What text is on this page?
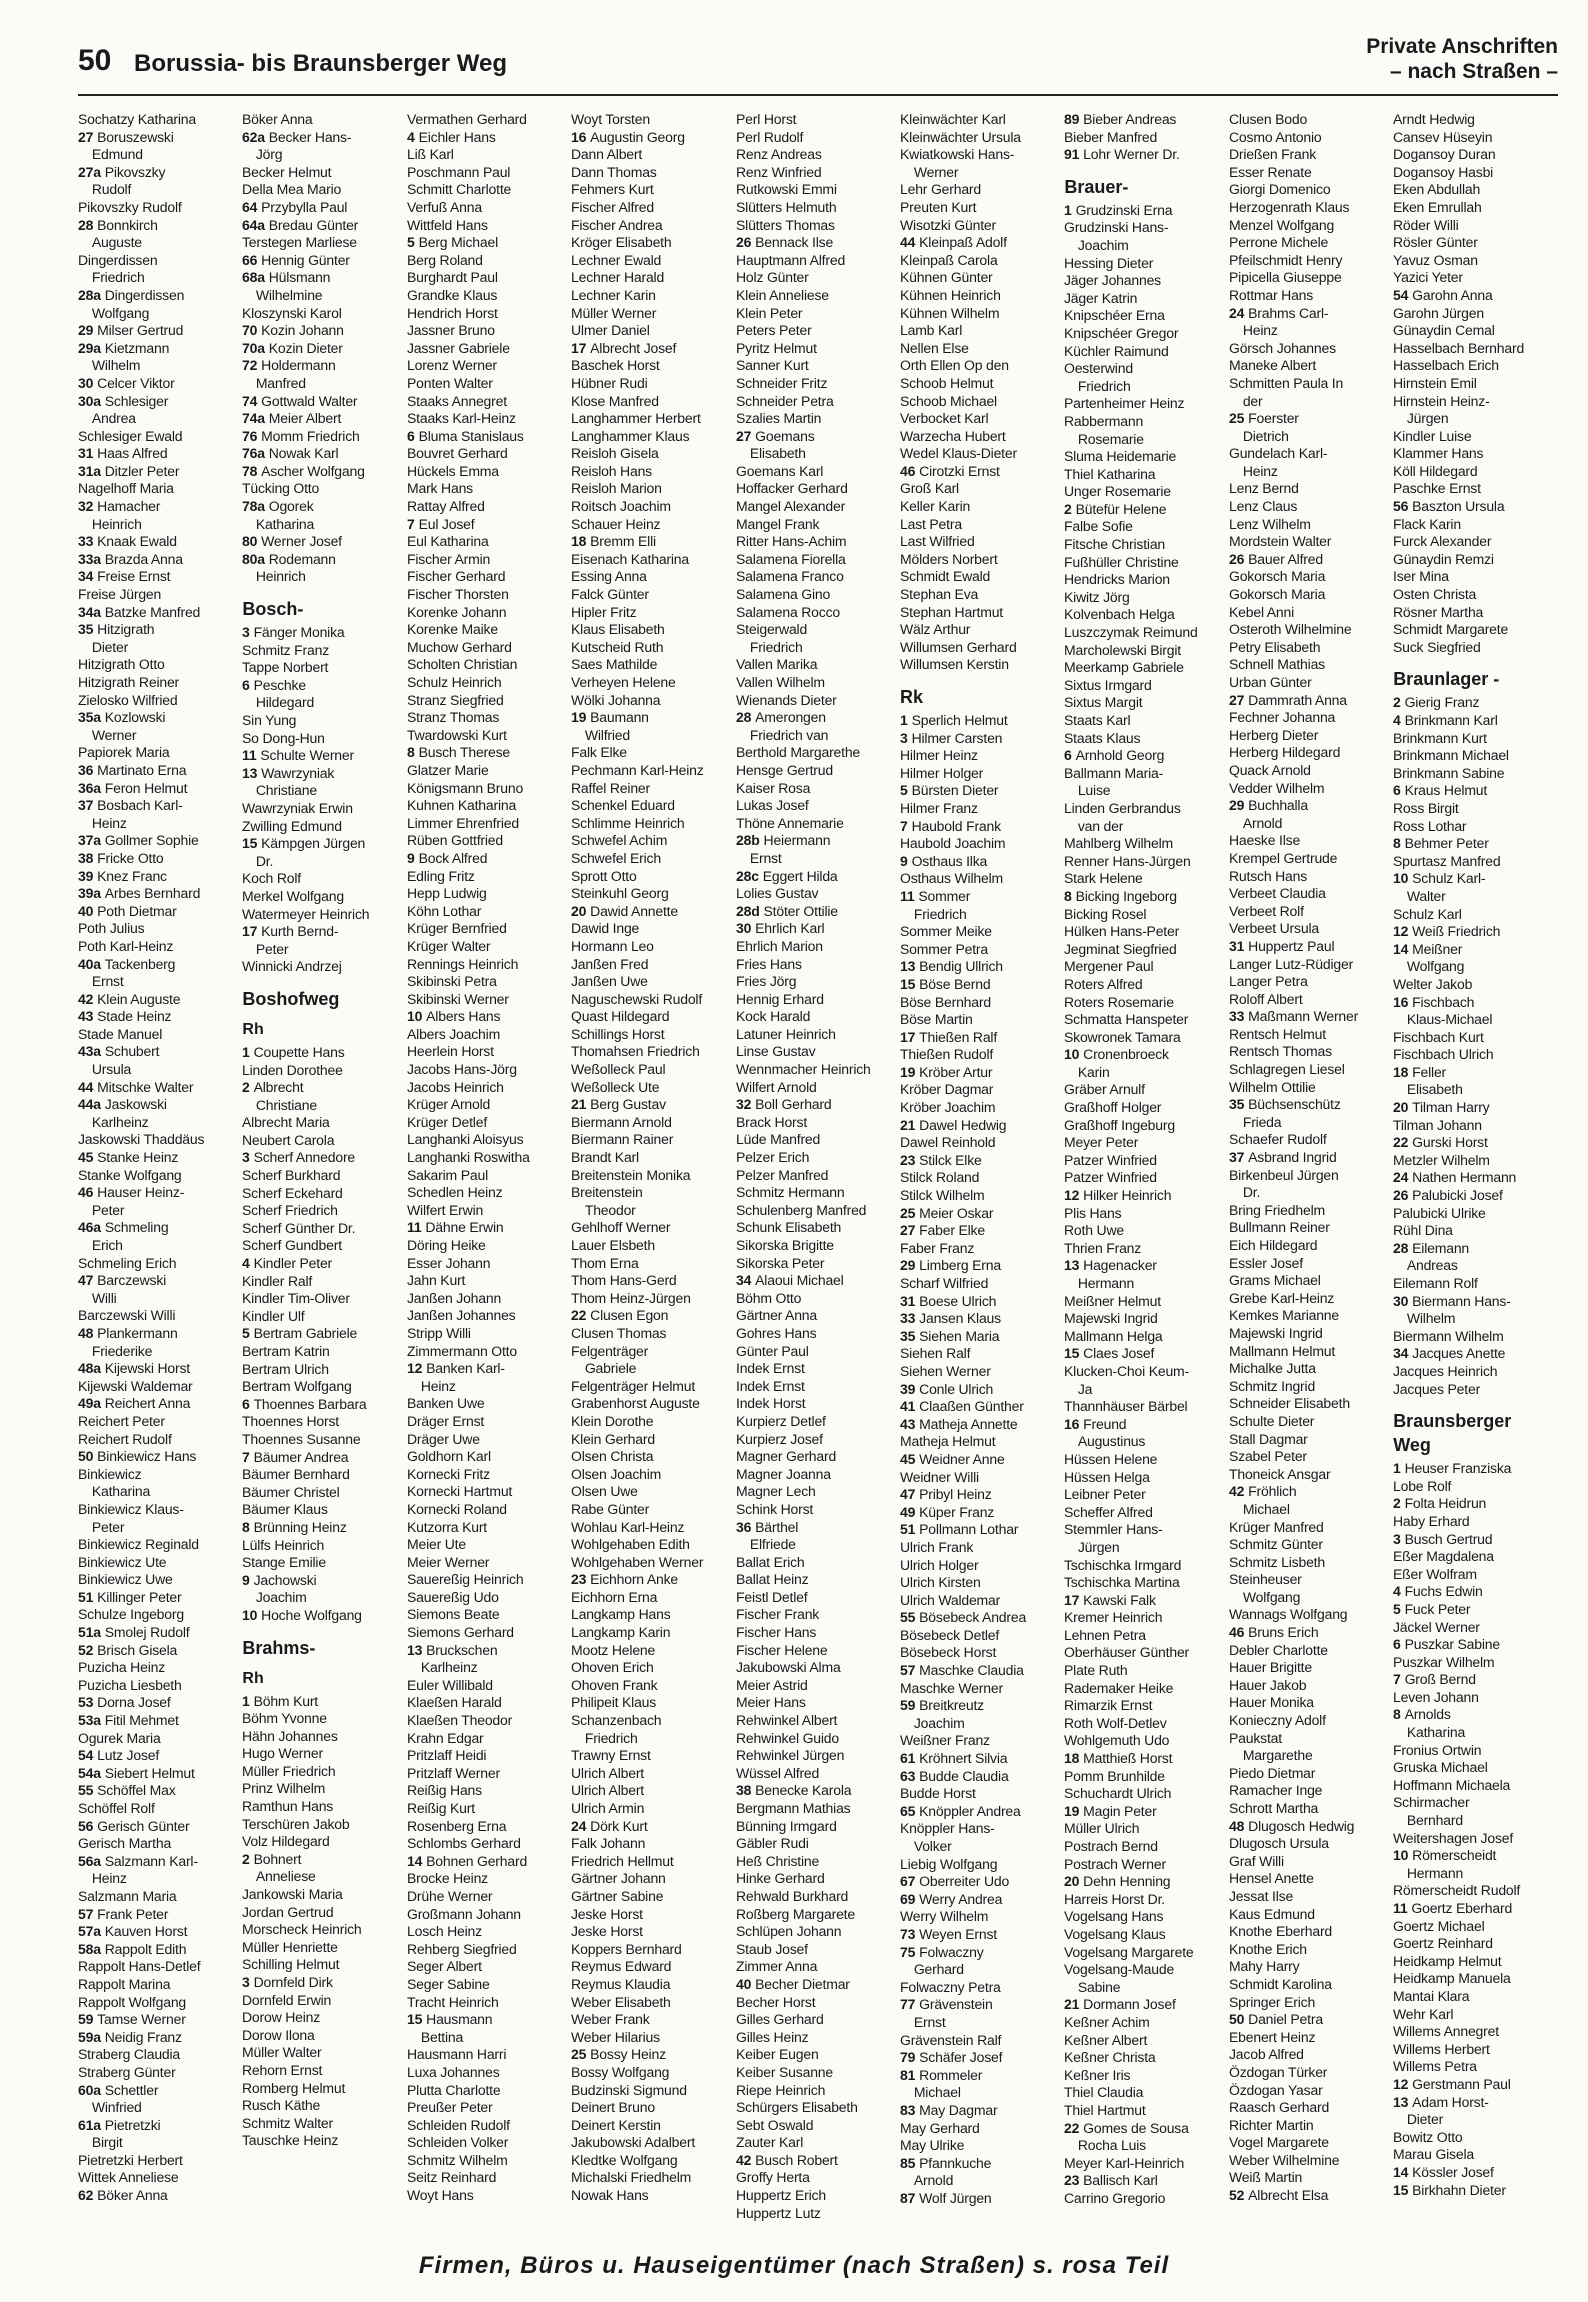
50 Borussia- bis Braunsberger Weg
Private Anschriften
– nach Straßen –
Sochatzy Katharina
27 Boruszewski
Edmund
27a Pikovszky
Rudolf
Pikovszky Rudolf
28 Bonnkirch
Auguste
Dingerdissen
Friedrich
28a Dingerdissen
Wolfgang
29 Milser Gertrud
29a Kietzmann
Wilhelm
30 Celcer Viktor
30a Schlesiger
Andrea
Schlesiger Ewald
31 Haas Alfred
31a Ditzler Peter
Nagelhoff Maria
32 Hamacher
Heinrich
33 Knaak Ewald
33a Brazda Anna
34 Freise Ernst
Freise Jürgen
34a Batzke Manfred
35 Hitzigrath
Dieter
Hitzigrath Otto
Hitzigrath Reiner
Zielosko Wilfried
35a Kozlowski
Werner
Papiorek Maria
36 Martinato Erna
36a Feron Helmut
37 Bosbach Karl-
Heinz
37a Gollmer Sophie
38 Fricke Otto
39 Knez Franc
39a Arbes Bernhard
40 Poth Dietmar
Poth Julius
Poth Karl-Heinz
40a Tackenberg
Ernst
42 Klein Auguste
43 Stade Heinz
Stade Manuel
43a Schubert
Ursula
44 Mitschke Walter
44a Jaskowski
Karlheinz
Jaskowski Thaddäus
45 Stanke Heinz
Stanke Wolfgang
46 Hauser Heinz-
Peter
46a Schmeling
Erich
Schmeling Erich
47 Barczewski
Willi
Barczewski Willi
48 Plankermann
Friederike
48a Kijewski Horst
Kijewski Waldemar
49a Reichert Anna
Reichert Peter
Reichert Rudolf
50 Binkiewicz Hans
Binkiewicz
Katharina
Binkiewicz Klaus-
Peter
Binkiewicz Reginald
Binkiewicz Ute
Binkiewicz Uwe
51 Killinger Peter
Schulze Ingeborg
51a Smolej Rudolf
52 Brisch Gisela
Puzicha Heinz
Puzicha Liesbeth
53 Dorna Josef
53a Fitil Mehmet
Ogurek Maria
54 Lutz Josef
54a Siebert Helmut
55 Schöffel Max
Schöffel Rolf
56 Gerisch Günter
Gerisch Martha
56a Salzmann Karl-
Heinz
Salzmann Maria
57 Frank Peter
57a Kauven Horst
58a Rappolt Edith
Rappolt Hans-Detlef
Rappolt Marina
Rappolt Wolfgang
59 Tamse Werner
59a Neidig Franz
Straberg Claudia
Straberg Günter
60a Schettler
Winfried
61a Pietretzki
Birgit
Pietretzki Herbert
Wittek Anneliese
62 Böker Anna
Böker Anna
62a Becker Hans-
Jörg
Becker Helmut
Della Mea Mario
64 Przybylla Paul
64a Bredau Günter
Terstegen Marliese
66 Hennig Günter
68a Hülsmann
Wilhelmine
Kloszynski Karol
70 Kozin Johann
70a Kozin Dieter
72 Holdermann
Manfred
74 Gottwald Walter
74a Meier Albert
76 Momm Friedrich
76a Nowak Karl
78 Ascher Wolfgang
Tücking Otto
78a Ogorek
Katharina
80 Werner Josef
80a Rodemann
Heinrich
Bosch-
3 Fänger Monika
Schmitz Franz
Tappe Norbert
6 Peschke
Hildegard
Sin Yung
So Dong-Hun
11 Schulte Werner
13 Wawrzyniak
Christiane
Wawrzyniak Erwin
Zwilling Edmund
15 Kämpgen Jürgen
Dr.
Koch Rolf
Merkel Wolfgang
Watermeyer Heinrich
17 Kurth Bernd-
Peter
Winnicki Andrzej
Boshofweg
Rh
1 Coupette Hans
Linden Dorothee
2 Albrecht
Christiane
Albrecht Maria
Neubert Carola
3 Scherf Annedore
Scherf Burkhard
Scherf Eckehard
Scherf Friedrich
Scherf Günther Dr.
Scherf Gundbert
4 Kindler Peter
Kindler Ralf
Kindler Tim-Oliver
Kindler Ulf
5 Bertram Gabriele
Bertram Katrin
Bertram Ulrich
Bertram Wolfgang
6 Thoennes Barbara
Thoennes Horst
Thoennes Susanne
7 Bäumer Andrea
Bäumer Bernhard
Bäumer Christel
Bäumer Klaus
8 Brünning Heinz
Lülfs Heinrich
Stange Emilie
9 Jachowski
Joachim
10 Hoche Wolfgang
Brahms-
Rh
1 Böhm Kurt
Böhm Yvonne
Hähn Johannes
Hugo Werner
Müller Friedrich
Prinz Wilhelm
Ramthun Hans
Terschüren Jakob
Volz Hildegard
2 Bohnert
Anneliese
Jankowski Maria
Jordan Gertrud
Morscheck Heinrich
Müller Henriette
Schilling Helmut
3 Dornfeld Dirk
Dornfeld Erwin
Dorow Heinz
Dorow Ilona
Müller Walter
Rehorn Ernst
Romberg Helmut
Rusch Käthe
Schmitz Walter
Tauschke Heinz
Vermathen Gerhard
4 Eichler Hans
Liß Karl
Poschmann Paul
Schmitt Charlotte
Verfuß Anna
Wittfeld Hans
5 Berg Michael
Berg Roland
Burghardt Paul
Grandke Klaus
Hendrich Horst
Jassner Bruno
Jassner Gabriele
Lorenz Werner
Ponten Walter
Staaks Annegret
Staaks Karl-Heinz
6 Bluma Stanislaus
Bouvret Gerhard
Hückels Emma
Mark Hans
Rattay Alfred
7 Eul Josef
Eul Katharina
Fischer Armin
Fischer Gerhard
Fischer Thorsten
Korenke Johann
Korenke Maike
Muchow Gerhard
Scholten Christian
Schulz Heinrich
Stranz Siegfried
Stranz Thomas
Twardowski Kurt
8 Busch Therese
Glatzer Marie
Königsmann Bruno
Kuhnen Katharina
Limmer Ehrenfried
Rüben Gottfried
9 Bock Alfred
Edling Fritz
Hepp Ludwig
Köhn Lothar
Krüger Bernfried
Krüger Walter
Rennings Heinrich
Skibinski Petra
Skibinski Werner
10 Albers Hans
Albers Joachim
Heerlein Horst
Jacobs Hans-Jörg
Jacobs Heinrich
Krüger Arnold
Krüger Detlef
Langhanki Aloisyus
Langhanki Roswitha
Sakarim Paul
Schedlen Heinz
Wilfert Erwin
11 Dähne Erwin
Döring Heike
Esser Johann
Jahn Kurt
Janßen Johann
Janßen Johannes
Stripp Willi
Zimmermann Otto
12 Banken Karl-
Heinz
Banken Uwe
Dräger Ernst
Dräger Uwe
Goldhorn Karl
Kornecki Fritz
Kornecki Hartmut
Kornecki Roland
Kutzorra Kurt
Meier Ute
Meier Werner
Sauereßig Heinrich
Sauereßig Udo
Siemons Beate
Siemons Gerhard
13 Bruckschen
Karlheinz
Euler Willibald
Klaeßen Harald
Klaeßen Theodor
Krahn Edgar
Pritzlaff Heidi
Pritzlaff Werner
Reißig Hans
Reißig Kurt
Rosenberg Erna
Schlombs Gerhard
14 Bohnen Gerhard
Brocke Heinz
Drühe Werner
Großmann Johann
Losch Heinz
Rehberg Siegfried
Seger Albert
Seger Sabine
Tracht Heinrich
15 Hausmann
Bettina
Hausmann Harri
Luxa Johannes
Plutta Charlotte
Preußer Peter
Schleiden Rudolf
Schleiden Volker
Schmitz Wilhelm
Seitz Reinhard
Woyt Hans
Woyt Torsten
16 Augustin Georg
Dann Albert
Dann Thomas
Fehmers Kurt
Fischer Alfred
Fischer Andrea
Kröger Elisabeth
Lechner Ewald
Lechner Harald
Lechner Karin
Müller Werner
Ulmer Daniel
17 Albrecht Josef
Baschek Horst
Hübner Rudi
Klose Manfred
Langhammer Herbert
Langhammer Klaus
Reisloh Gisela
Reisloh Hans
Reisloh Marion
Roitsch Joachim
Schauer Heinz
18 Bremm Elli
Eisenach Katharina
Essing Anna
Falck Günter
Hipler Fritz
Klaus Elisabeth
Kutscheid Ruth
Saes Mathilde
Verheyen Helene
Wölki Johanna
19 Baumann
Wilfried
Falk Elke
Pechmann Karl-Heinz
Raffel Reiner
Schenkel Eduard
Schlimme Heinrich
Schwefel Achim
Schwefel Erich
Sprott Otto
Steinkuhl Georg
20 Dawid Annette
Dawid Inge
Hormann Leo
Janßen Fred
Janßen Uwe
Naguschewski Rudolf
Quast Hildegard
Schillings Horst
Thomahsen Friedrich
Weßolleck Paul
Weßolleck Ute
21 Berg Gustav
Biermann Arnold
Biermann Rainer
Brandt Karl
Breitenstein Monika
Breitenstein
Theodor
Gehlhoff Werner
Lauer Elsbeth
Thom Erna
Thom Hans-Gerd
Thom Heinz-Jürgen
22 Clusen Egon
Clusen Thomas
Felgenträger
Gabriele
Felgenträger Helmut
Grabenhorst Auguste
Klein Dorothe
Klein Gerhard
Olsen Christa
Olsen Joachim
Olsen Uwe
Rabe Günter
Wohlau Karl-Heinz
Wohlgehaben Edith
Wohlgehaben Werner
23 Eichhorn Anke
Eichhorn Erna
Langkamp Hans
Langkamp Karin
Mootz Helene
Ohoven Erich
Ohoven Frank
Philipeit Klaus
Schanzenbach
Friedrich
Trawny Ernst
Ulrich Albert
Ulrich Albert
Ulrich Armin
24 Dörk Kurt
Falk Johann
Friedrich Hellmut
Gärtner Johann
Gärtner Sabine
Jeske Horst
Jeske Horst
Koppers Bernhard
Reymus Edward
Reymus Klaudia
Weber Elisabeth
Weber Frank
Weber Hilarius
25 Bossy Heinz
Bossy Wolfgang
Budzinski Sigmund
Deinert Bruno
Deinert Kerstin
Jakubowski Adalbert
Kledtke Wolfgang
Michalski Friedhelm
Nowak Hans
Perl Horst
Perl Rudolf
Renz Andreas
Renz Winfried
Rutkowski Emmi
Slütters Helmuth
Slütters Thomas
26 Bennack Ilse
Hauptmann Alfred
Holz Günter
Klein Anneliese
Klein Peter
Peters Peter
Pyritz Helmut
Sanner Kurt
Schneider Fritz
Schneider Petra
Szalies Martin
27 Goemans
Elisabeth
Goemans Karl
Hoffacker Gerhard
Mangel Alexander
Mangel Frank
Ritter Hans-Achim
Salamena Fiorella
Salamena Franco
Salamena Gino
Salamena Rocco
Steigerwald
Friedrich
Vallen Marika
Vallen Wilhelm
Wienands Dieter
28 Amerongen
Friedrich van
Berthold Margarethe
Hensge Gertrud
Kaiser Rosa
Lukas Josef
Thöne Annemarie
28b Heiermann
Ernst
28c Eggert Hilda
Lolies Gustav
28d Stöter Ottilie
30 Ehrlich Karl
Ehrlich Marion
Fries Hans
Fries Jörg
Hennig Erhard
Kock Harald
Latuner Heinrich
Linse Gustav
Wennmacher Heinrich
Wilfert Arnold
32 Boll Gerhard
Brack Horst
Lüde Manfred
Pelzer Erich
Pelzer Manfred
Schmitz Hermann
Schulenberg Manfred
Schunk Elisabeth
Sikorska Brigitte
Sikorska Peter
34 Alaoui Michael
Böhm Otto
Gärtner Anna
Gohres Hans
Günter Paul
Indek Ernst
Indek Ernst
Indek Horst
Kurpierz Detlef
Kurpierz Josef
Magner Gerhard
Magner Joanna
Magner Lech
Schink Horst
36 Bärthel
Elfriede
Ballat Erich
Ballat Heinz
Feistl Detlef
Fischer Frank
Fischer Hans
Fischer Helene
Jakubowski Alma
Meier Astrid
Meier Hans
Rehwinkel Albert
Rehwinkel Guido
Rehwinkel Jürgen
Wüssel Alfred
38 Benecke Karola
Bergmann Mathias
Bünning Irmgard
Gäbler Rudi
Heß Christine
Hinke Gerhard
Rehwald Burkhard
Roßberg Margarete
Schlüpen Johann
Staub Josef
Zimmer Anna
40 Becher Dietmar
Becher Horst
Gilles Gerhard
Gilles Heinz
Keiber Eugen
Keiber Susanne
Riepe Heinrich
Schürgers Elisabeth
Sebt Oswald
Zauter Karl
42 Busch Robert
Groffy Herta
Huppertz Erich
Huppertz Lutz
Kleinwächter Karl
Kleinwächter Ursula
Kwiatkowski Hans-
Werner
Lehr Gerhard
Preuten Kurt
Wisotzki Günter
44 Kleinpaß Adolf
Kleinpaß Carola
Kühnen Günter
Kühnen Heinrich
Kühnen Wilhelm
Lamb Karl
Nellen Else
Orth Ellen Op den
Schoob Helmut
Schoob Michael
Verbocket Karl
Warzecha Hubert
Wedel Klaus-Dieter
46 Cirotzki Ernst
Groß Karl
Keller Karin
Last Petra
Last Wilfried
Mölders Norbert
Schmidt Ewald
Stephan Eva
Stephan Hartmut
Wälz Arthur
Willumsen Gerhard
Willumsen Kerstin
Rk
1 Sperlich Helmut
3 Hilmer Carsten
Hilmer Heinz
Hilmer Holger
5 Bürsten Dieter
Hilmer Franz
7 Haubold Frank
Haubold Joachim
9 Osthaus Ilka
Osthaus Wilhelm
11 Sommer
Friedrich
Sommer Meike
Sommer Petra
13 Bendig Ullrich
15 Böse Bernd
Böse Bernhard
Böse Martin
17 Thießen Ralf
Thießen Rudolf
19 Kröber Artur
Kröber Dagmar
Kröber Joachim
21 Dawel Hedwig
Dawel Reinhold
23 Stilck Elke
Stilck Roland
Stilck Wilhelm
25 Meier Oskar
27 Faber Elke
Faber Franz
29 Limberg Erna
Scharf Wilfried
31 Boese Ulrich
33 Jansen Klaus
35 Siehen Maria
Siehen Ralf
Siehen Werner
39 Conle Ulrich
41 Claaßen Günther
43 Matheja Annette
Matheja Helmut
45 Weidner Anne
Weidner Willi
47 Pribyl Heinz
49 Küper Franz
51 Pollmann Lothar
Ulrich Frank
Ulrich Holger
Ulrich Kirsten
Ulrich Waldemar
55 Bösebeck Andrea
Bösebeck Detlef
Bösebeck Horst
57 Maschke Claudia
Maschke Werner
59 Breitkreutz
Joachim
Weißner Franz
61 Kröhnert Silvia
63 Budde Claudia
Budde Horst
65 Knöppler Andrea
Knöppler Hans-
Volker
Liebig Wolfgang
67 Oberreiter Udo
69 Werry Andrea
Werry Wilhelm
73 Weyen Ernst
75 Folwaczny
Gerhard
Folwaczny Petra
77 Grävenstein
Ernst
Grävenstein Ralf
79 Schäfer Josef
81 Rommeler
Michael
83 May Dagmar
May Gerhard
May Ulrike
85 Pfannkuche
Arnold
87 Wolf Jürgen
89 Bieber Andreas
Bieber Manfred
91 Lohr Werner Dr.
Brauer-
1 Grudzinski Erna
Grudzinski Hans-
Joachim
Hessing Dieter
Jäger Johannes
Jäger Katrin
Knipschéer Erna
Knipschéer Gregor
Küchler Raimund
Oesterwind
Friedrich
Partenheimer Heinz
Rabbermann
Rosemarie
Sluma Heidemarie
Thiel Katharina
Unger Rosemarie
2 Bütefür Helene
Falbe Sofie
Fitschе Christian
Fußhüller Christine
Hendricks Marion
Kiwitz Jörg
Kolvenbach Helga
Luszczymak Reimund
Marcholewski Birgit
Meerkamp Gabriele
Sixtus Irmgard
Sixtus Margit
Staats Karl
Staats Klaus
6 Arnhold Georg
Ballmann Maria-
Luise
Linden Gerbrandus
van der
Mahlberg Wilhelm
Renner Hans-Jürgen
Stark Helene
8 Bicking Ingeborg
Bicking Rosel
Hülken Hans-Peter
Jegminat Siegfried
Mergener Paul
Roters Alfred
Roters Rosemarie
Schmatta Hanspeter
Skowronek Tamara
10 Cronenbroeck
Karin
Gräber Arnulf
Graßhoff Holger
Graßhoff Ingeburg
Meyer Peter
Patzer Winfried
Patzer Winfried
12 Hilker Heinrich
Plis Hans
Roth Uwe
Thrien Franz
13 Hagenacker
Hermann
Meißner Helmut
Majewski Ingrid
Mallmann Helga
15 Claes Josef
Klucken-Choi Keum-
Ja
Thannhäuser Bärbel
16 Freund
Augustinus
Hüssen Helene
Hüssen Helga
Leibner Peter
Scheffer Alfred
Stemmler Hans-
Jürgen
Tschischka Irmgard
Tschischka Martina
17 Kawski Falk
Kremer Heinrich
Lehnen Petra
Oberhäuser Günther
Plate Ruth
Rademaker Heike
Rimarzik Ernst
Roth Wolf-Detlev
Wohlgemuth Udo
18 Matthieß Horst
Pomm Brunhilde
Schuchardt Ulrich
19 Magin Peter
Müller Ulrich
Postrach Bernd
Postrach Werner
20 Dehn Henning
Harreis Horst Dr.
Vogelsang Hans
Vogelsang Klaus
Vogelsang Margarete
Vogelsang-Maude
Sabine
21 Dormann Josef
Keßner Achim
Keßner Albert
Keßner Christa
Keßner Iris
Thiel Claudia
Thiel Hartmut
22 Gomes de Sousa
Rocha Luis
Meyer Karl-Heinrich
23 Ballisch Karl
Carrino Gregorio
Clusen Bodo
Cosmo Antonio
Drießen Frank
Esser Renate
Giorgi Domenico
Herzogenrath Klaus
Menzel Wolfgang
Perrone Michele
Pfeilschmidt Henry
Pipicella Giuseppe
Rottmar Hans
24 Brahms Carl-
Heinz
Görsch Johannes
Maneke Albert
Schmitten Paula In
der
25 Foerster
Dietrich
Gundelach Karl-
Heinz
Lenz Bernd
Lenz Claus
Lenz Wilhelm
Mordstein Walter
26 Bauer Alfred
Gokorsch Maria
Gokorsch Maria
Kebel Anni
Osteroth Wilhelmine
Petry Elisabeth
Schnell Mathias
Urban Günter
27 Dammrath Anna
Fechner Johanna
Herberg Dieter
Herberg Hildegard
Quack Arnold
Vedder Wilhelm
29 Buchhalla
Arnold
Haeske Ilse
Krempel Gertrude
Rutsch Hans
Verbeet Claudia
Verbeet Rolf
Verbeet Ursula
31 Huppertz Paul
Langer Lutz-Rüdiger
Langer Petra
Roloff Albert
33 Maßmann Werner
Rentsch Helmut
Rentsch Thomas
Schlagregen Liesel
Wilhelm Ottilie
35 Büchsenschütz
Frieda
Schaefer Rudolf
37 Asbrand Ingrid
Birkenbeul Jürgen
Dr.
Bring Friedhelm
Bullmann Reiner
Eich Hildegard
Essler Josef
Grams Michael
Grebe Karl-Heinz
Kemkes Marianne
Majewski Ingrid
Mallmann Helmut
Michalke Jutta
Schmitz Ingrid
Schneider Elisabeth
Schulte Dieter
Stall Dagmar
Szabel Peter
Thoneick Ansgar
42 Fröhlich
Michael
Krüger Manfred
Schmitz Günter
Schmitz Lisbeth
Steinheuser
Wolfgang
Wannags Wolfgang
46 Bruns Erich
Debler Charlotte
Hauer Brigitte
Hauer Jakob
Hauer Monika
Konieczny Adolf
Paukstat
Margarethe
Piedo Dietmar
Ramacher Inge
Schrott Martha
48 Dlugosch Hedwig
Dlugosch Ursula
Graf Willi
Hensel Anette
Jessat Ilse
Kaus Edmund
Knothe Eberhard
Knothe Erich
Mahy Harry
Schmidt Karolina
Springer Erich
50 Daniel Petra
Ebenert Heinz
Jacob Alfred
Özdogan Türker
Özdogan Yasar
Raasch Gerhard
Richter Martin
Vogel Margarete
Weber Wilhelmine
Weiß Martin
52 Albrecht Elsa
Arndt Hedwig
Cansev Hüseyin
Dogansoy Duran
Dogansoy Hasbi
Eken Abdullah
Eken Emrullah
Röder Willi
Rösler Günter
Yavuz Osman
Yazici Yeter
54 Garohn Anna
Garohn Jürgen
Günaydin Cemal
Hasselbach Bernhard
Hasselbach Erich
Hirnstein Emil
Hirnstein Heinz-
Jürgen
Kindler Luise
Klammer Hans
Köll Hildegard
Paschke Ernst
56 Baszton Ursula
Flack Karin
Furck Alexander
Günaydin Remzi
Iser Mina
Osten Christa
Rösner Martha
Schmidt Margarete
Suck Siegfried
Braunlager -
2 Gierig Franz
4 Brinkmann Karl
Brinkmann Kurt
Brinkmann Michael
Brinkmann Sabine
6 Kraus Helmut
Ross Birgit
Ross Lothar
8 Behmer Peter
Spurtasz Manfred
10 Schulz Karl-
Walter
Schulz Karl
12 Weiß Friedrich
14 Meißner
Wolfgang
Welter Jakob
16 Fischbach
Klaus-Michael
Fischbach Kurt
Fischbach Ulrich
18 Feller
Elisabeth
20 Tilman Harry
Tilman Johann
22 Gurski Horst
Metzler Wilhelm
24 Nathen Hermann
26 Palubicki Josef
Palubicki Ulrike
Rühl Dina
28 Eilemann
Andreas
Eilemann Rolf
30 Biermann Hans-
Wilhelm
Biermann Wilhelm
34 Jacques Anette
Jacques Heinrich
Jacques Peter
Braunsberger Weg
1 Heuser Franziska
Lobe Rolf
2 Folta Heidrun
Haby Erhard
3 Busch Gertrud
Eßer Magdalena
Eßer Wolfram
4 Fuchs Edwin
5 Fuck Peter
Jäckel Werner
6 Puszkar Sabine
Puszkar Wilhelm
7 Groß Bernd
Leven Johann
8 Arnolds
Katharina
Fronius Ortwin
Gruska Michael
Hoffmann Michaela
Schirmacher
Bernhard
Weitershagen Josef
10 Römerscheidt
Hermann
Römerscheidt Rudolf
11 Goertz Eberhard
Goertz Michael
Goertz Reinhard
Heidkamp Helmut
Heidkamp Manuela
Mantai Klara
Wehr Karl
Willems Annegret
Willems Herbert
Willems Petra
12 Gerstmann Paul
13 Adam Horst-
Dieter
Bowitz Otto
Marau Gisela
14 Kössler Josef
15 Birkhahn Dieter
Firmen, Büros u. Hauseigentümer (nach Straßen) s. rosa Teil
